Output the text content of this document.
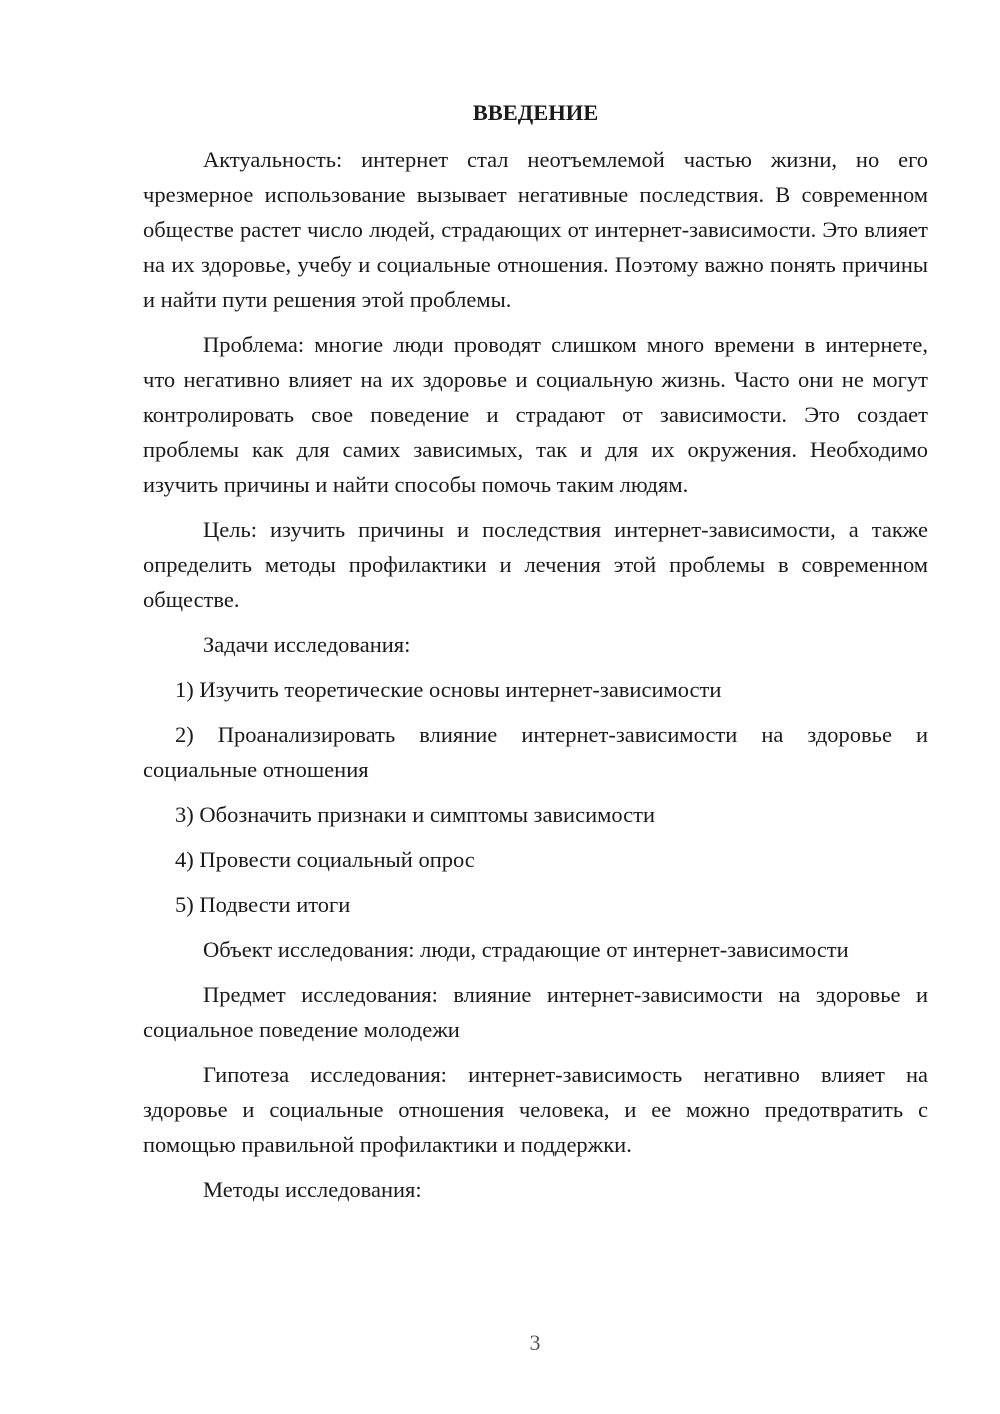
ВВЕДЕНИЕ

Актуальность: интернет стал неотъемлемой частью жизни, но его чрезмерное использование вызывает негативные последствия. В современном обществе растет число людей, страдающих от интернет-зависимости. Это влияет на их здоровье, учебу и социальные отношения. Поэтому важно понять причины и найти пути решения этой проблемы.

Проблема: многие люди проводят слишком много времени в интернете, что негативно влияет на их здоровье и социальную жизнь. Часто они не могут контролировать свое поведение и страдают от зависимости. Это создает проблемы как для самих зависимых, так и для их окружения. Необходимо изучить причины и найти способы помочь таким людям.

Цель: изучить причины и последствия интернет-зависимости, а также определить методы профилактики и лечения этой проблемы в современном обществе.

Задачи исследования:

1) Изучить теоретические основы интернет-зависимости

2) Проанализировать влияние интернет-зависимости на здоровье и социальные отношения

3) Обозначить признаки и симптомы зависимости

4) Провести социальный опрос

5) Подвести итоги

Объект исследования: люди, страдающие от интернет-зависимости

Предмет исследования: влияние интернет-зависимости на здоровье и социальное поведение молодежи

Гипотеза исследования: интернет-зависимость негативно влияет на здоровье и социальные отношения человека, и ее можно предотвратить с помощью правильной профилактики и поддержки.

Методы исследования:

3
